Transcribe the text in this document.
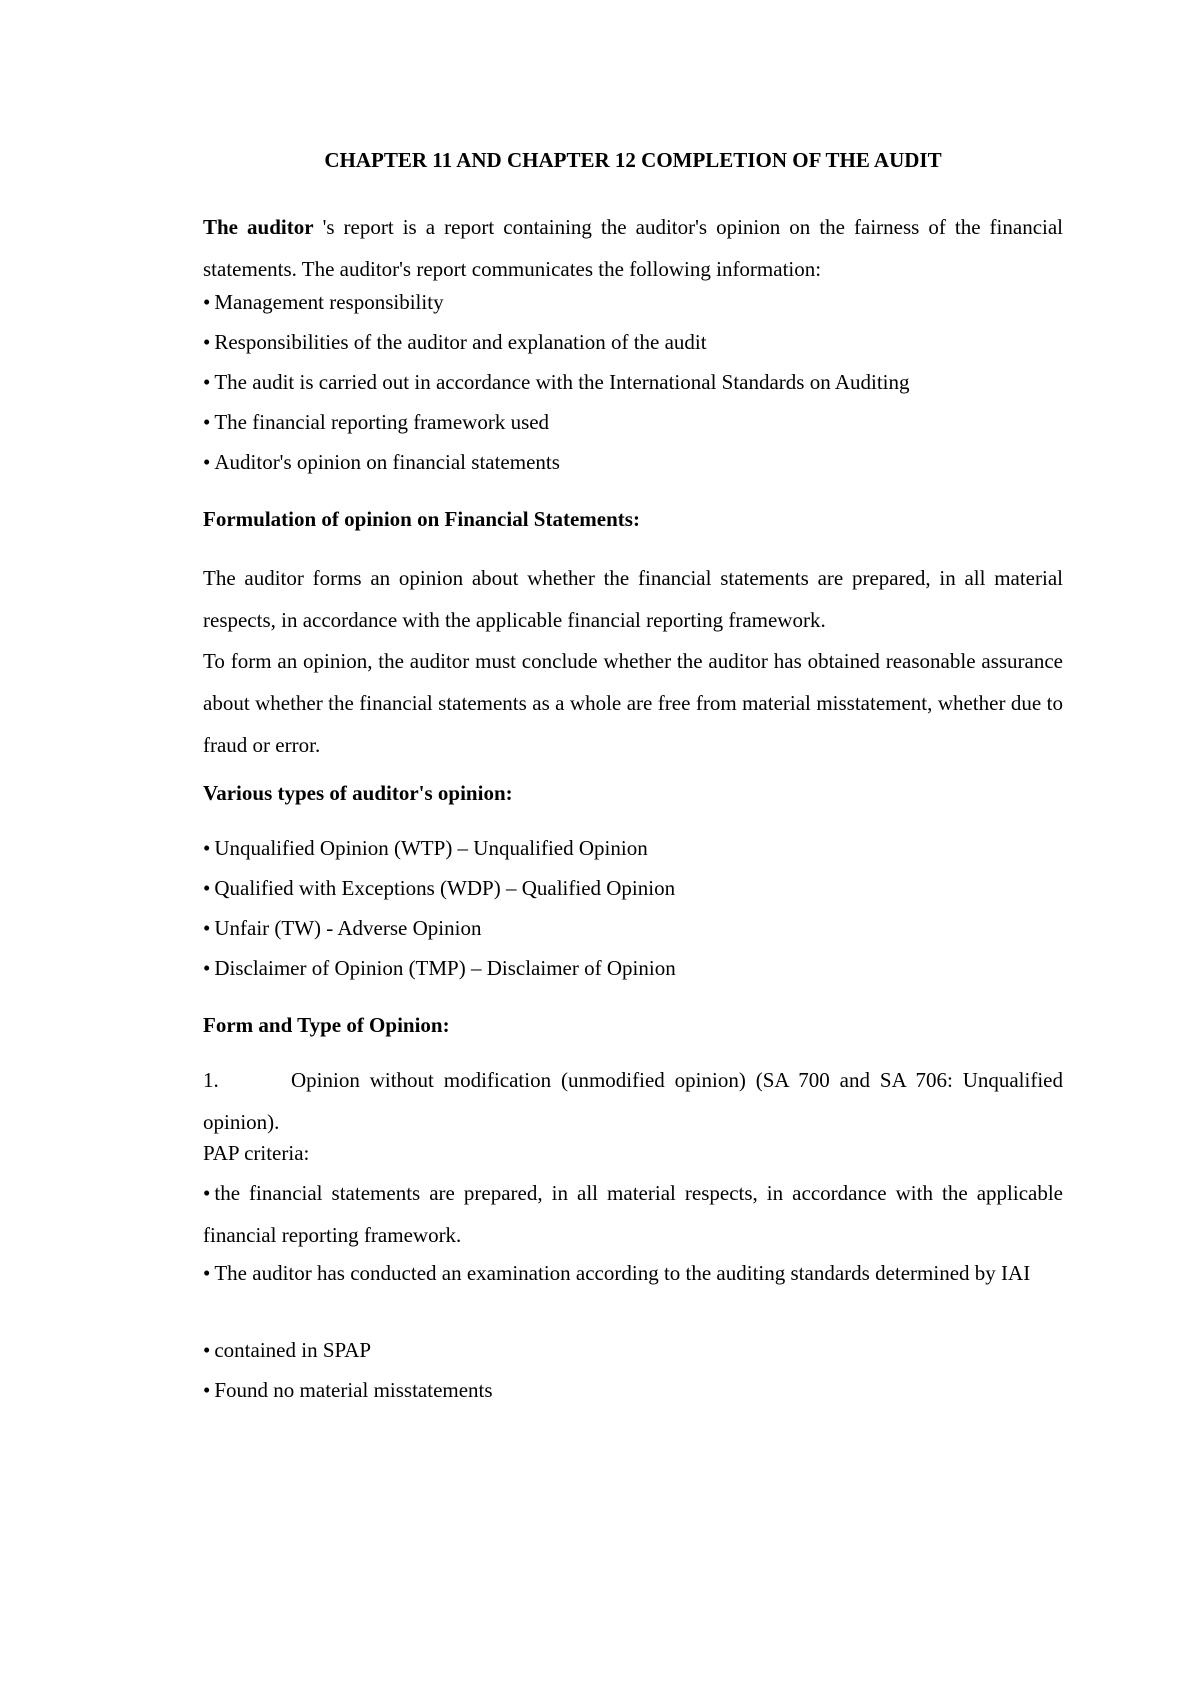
CHAPTER 11 AND CHAPTER 12 COMPLETION OF THE AUDIT
The auditor 's report is a report containing the auditor's opinion on the fairness of the financial statements. The auditor's report communicates the following information:
• Management responsibility
• Responsibilities of the auditor and explanation of the audit
• The audit is carried out in accordance with the International Standards on Auditing
• The financial reporting framework used
• Auditor's opinion on financial statements
Formulation of opinion on Financial Statements:
The auditor forms an opinion about whether the financial statements are prepared, in all material respects, in accordance with the applicable financial reporting framework.
To form an opinion, the auditor must conclude whether the auditor has obtained reasonable assurance about whether the financial statements as a whole are free from material misstatement, whether due to fraud or error.
Various types of auditor's opinion:
• Unqualified Opinion (WTP) – Unqualified Opinion
• Qualified with Exceptions (WDP) – Qualified Opinion
• Unfair (TW) - Adverse Opinion
• Disclaimer of Opinion (TMP) – Disclaimer of Opinion
Form and Type of Opinion:
1.	Opinion without modification (unmodified opinion) (SA 700 and SA 706: Unqualified opinion).
PAP criteria:
• the financial statements are prepared, in all material respects, in accordance with the applicable financial reporting framework.
• The auditor has conducted an examination according to the auditing standards determined by IAI
• contained in SPAP
• Found no material misstatements
